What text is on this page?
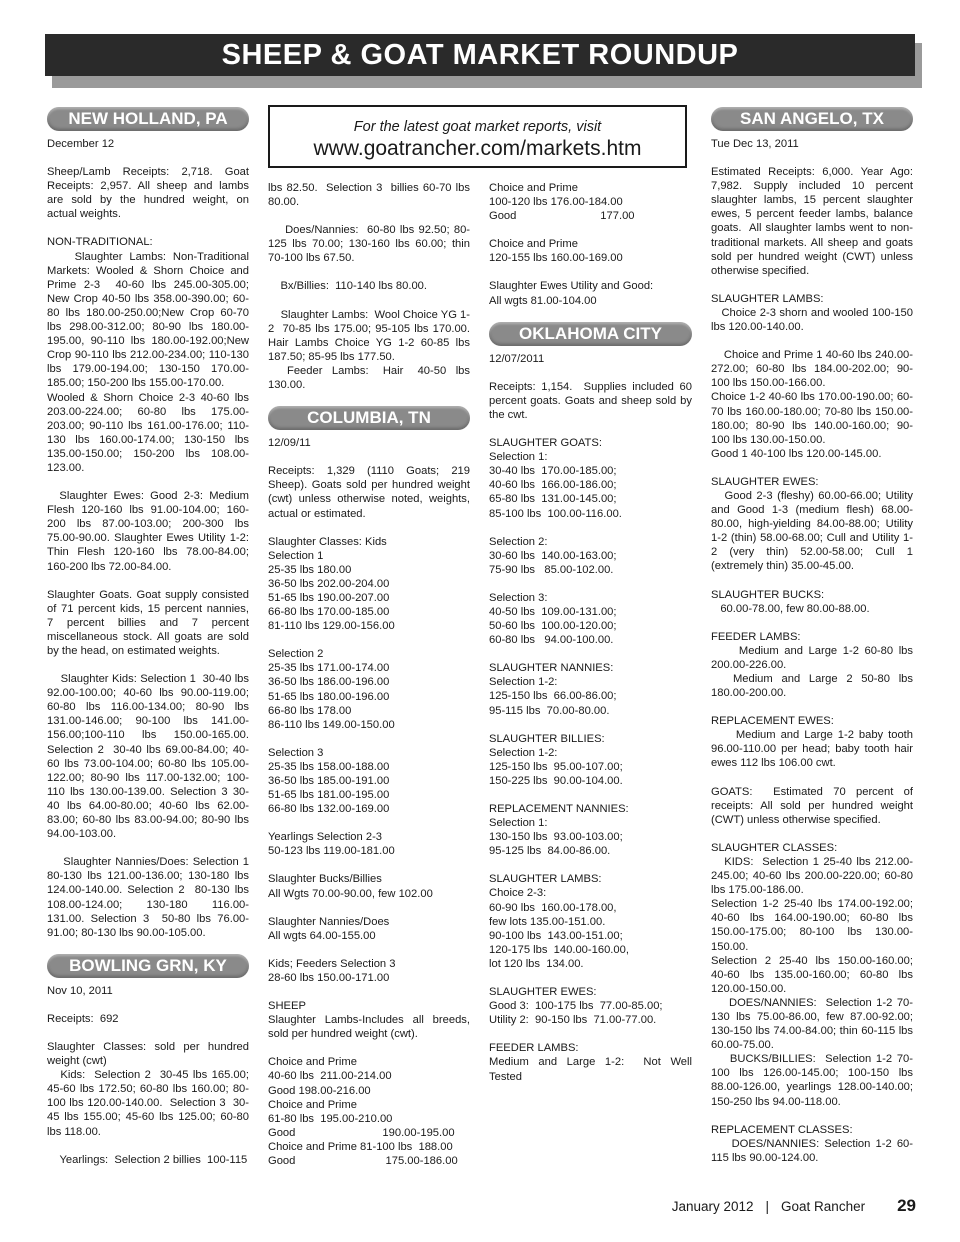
SHEEP & GOAT MARKET ROUNDUP
For the latest goat market reports, visit
www.goatrancher.com/markets.htm
NEW HOLLAND, PA

December 12

Sheep/Lamb Receipts: 2,718. Goat Receipts: 2,957. All sheep and lambs are sold by the hundred weight, on actual weights.

NON-TRADITIONAL:
Slaughter Lambs: Non-Traditional Markets: Wooled & Shorn Choice and Prime 2-3  40-60 lbs 245.00-305.00; New Crop 40-50 lbs 358.00-390.00; 60-80 lbs 180.00-250.00;New Crop 60-70 lbs 298.00-312.00; 80-90 lbs 180.00-195.00, 90-110 lbs 180.00-192.00;New Crop 90-110 lbs 212.00-234.00; 110-130 lbs 179.00-194.00; 130-150 170.00-185.00; 150-200 lbs 155.00-170.00.
Wooled & Shorn Choice 2-3 40-60 lbs 203.00-224.00; 60-80 lbs 175.00-203.00; 90-110 lbs 161.00-176.00; 110-130 lbs 160.00-174.00; 130-150 lbs 135.00-150.00; 150-200 lbs 108.00-123.00.

Slaughter Ewes: Good 2-3: Medium Flesh 120-160 lbs 91.00-104.00; 160-200 lbs 87.00-103.00; 200-300 lbs 75.00-90.00. Slaughter Ewes Utility 1-2: Thin Flesh 120-160 lbs 78.00-84.00; 160-200 lbs 72.00-84.00.

Slaughter Goats. Goat supply consisted of 71 percent kids, 15 percent nannies, 7 percent billies and 7 percent miscellaneous stock. All goats are sold by the head, on estimated weights.

Slaughter Kids: Selection 1  30-40 lbs 92.00-100.00; 40-60 lbs 90.00-119.00; 60-80 lbs 116.00-134.00; 80-90 lbs 131.00-146.00; 90-100 lbs 141.00-156.00;100-110 lbs 150.00-165.00. Selection 2  30-40 lbs 69.00-84.00; 40-60 lbs 73.00-104.00; 60-80 lbs 105.00-122.00; 80-90 lbs 117.00-132.00; 100-110 lbs 130.00-139.00. Selection 3 30-40 lbs 64.00-80.00; 40-60 lbs 62.00-83.00; 60-80 lbs 83.00-94.00; 80-90 lbs 94.00-103.00.

Slaughter Nannies/Does: Selection 1 80-130 lbs 121.00-136.00; 130-180 lbs 124.00-140.00. Selection 2  80-130 lbs 108.00-124.00;  130-180  116.00-131.00. Selection 3  50-80 lbs 76.00-91.00; 80-130 lbs 90.00-105.00.

BOWLING GRN, KY

Nov 10, 2011

Receipts:  692

Slaughter Classes: sold per hundred weight (cwt)
Kids:  Selection 2  30-45 lbs 165.00; 45-60 lbs 172.50; 60-80 lbs 160.00; 80-100 lbs 120.00-140.00.  Selection 3  30-45 lbs 155.00; 45-60 lbs 125.00; 60-80 lbs 118.00.

Yearlings:  Selection 2 billies  100-115

lbs 82.50.  Selection 3  billies 60-70 lbs 80.00.

Does/Nannies:  60-80 lbs 92.50; 80-125 lbs 70.00; 130-160 lbs 60.00; thin 70-100 lbs 67.50.

Bx/Billies:  110-140 lbs 80.00.

Slaughter Lambs:  Wool Choice YG 1-2  70-85 lbs 175.00; 95-105 lbs 170.00.  Hair Lambs Choice YG 1-2 60-85 lbs 187.50; 85-95 lbs 177.50.
Feeder  Lambs:   Hair   40-50  lbs 130.00.

COLUMBIA, TN

12/09/11

Receipts:  1,329  (1110  Goats;  219 Sheep). Goats sold per hundred weight (cwt) unless otherwise noted, weights, actual or estimated.

Slaughter Classes: Kids
Selection 1
25-35 lbs 180.00
36-50 lbs 202.00-204.00
51-65 lbs 190.00-207.00
66-80 lbs 170.00-185.00
81-110 lbs 129.00-156.00

Selection 2
25-35 lbs 171.00-174.00
36-50 lbs 186.00-196.00
51-65 lbs 180.00-196.00
66-80 lbs 178.00
86-110 lbs 149.00-150.00

Selection 3
25-35 lbs 158.00-188.00
36-50 lbs 185.00-191.00
51-65 lbs 181.00-195.00
66-80 lbs 132.00-169.00

Yearlings Selection 2-3
50-123 lbs 119.00-181.00

Slaughter Bucks/Billies
All Wgts 70.00-90.00, few 102.00

Slaughter Nannies/Does
All wgts 64.00-155.00

Kids; Feeders Selection 3
28-60 lbs 150.00-171.00

SHEEP
Slaughter Lambs-Includes all breeds, sold per hundred weight (cwt).

Choice and Prime
40-60 lbs  211.00-214.00
Good 198.00-216.00
Choice and Prime
61-80 lbs  195.00-210.00
Good                            190.00-195.00
Choice and Prime 81-100 lbs  188.00
Good                             175.00-186.00

Choice and Prime
100-120 lbs 176.00-184.00
Good                           177.00

Choice and Prime
120-155 lbs 160.00-169.00

Slaughter Ewes Utility and Good:
All wgts 81.00-104.00

OKLAHOMA CITY

12/07/2011

Receipts: 1,154.  Supplies included 60 percent goats. Goats and sheep sold by the cwt.

SLAUGHTER GOATS:
Selection 1:
30-40 lbs  170.00-185.00;
40-60 lbs  166.00-186.00;
65-80 lbs  131.00-145.00;
85-100 lbs  100.00-116.00.

Selection 2:
30-60 lbs  140.00-163.00;
75-90 lbs   85.00-102.00.

Selection 3:
40-50 lbs  109.00-131.00;
50-60 lbs  100.00-120.00;
60-80 lbs   94.00-100.00.

SLAUGHTER NANNIES:
Selection 1-2:
125-150 lbs  66.00-86.00;
95-115 lbs  70.00-80.00.

SLAUGHTER BILLIES:
Selection 1-2:
125-150 lbs  95.00-107.00;
150-225 lbs  90.00-104.00.

REPLACEMENT NANNIES:
Selection 1:
130-150 lbs  93.00-103.00;
95-125 lbs  84.00-86.00.

SLAUGHTER LAMBS:
Choice 2-3:
60-90 lbs  160.00-178.00,
few lots 135.00-151.00.
90-100 lbs  143.00-151.00;
120-175 lbs  140.00-160.00,
lot 120 lbs  134.00.

SLAUGHTER EWES:
Good 3:  100-175 lbs  77.00-85.00;
Utility 2:  90-150 lbs  71.00-77.00.

FEEDER LAMBS:
Medium  and  Large  1-2:    Not  Well Tested

SAN ANGELO, TX

Tue Dec 13, 2011

Estimated Receipts: 6,000. Year Ago: 7,982. Supply included 10 percent slaughter lambs, 15 percent slaughter ewes, 5 percent feeder lambs, balance goats.  All slaughter lambs went to non-traditional markets. All sheep and goats sold per hundred weight (CWT) unless otherwise specified.

SLAUGHTER LAMBS:
Choice 2-3 shorn and wooled 100-150 lbs 120.00-140.00.

Choice and Prime 1 40-60 lbs 240.00-272.00; 60-80 lbs 184.00-202.00; 90-100 lbs 150.00-166.00.
Choice 1-2 40-60 lbs 170.00-190.00; 60-70 lbs 160.00-180.00; 70-80 lbs 150.00-180.00; 80-90 lbs 140.00-160.00; 90-100 lbs 130.00-150.00.
Good 1 40-100 lbs 120.00-145.00.

SLAUGHTER EWES:
Good 2-3 (fleshy) 60.00-66.00; Utility and Good 1-3 (medium flesh) 68.00-80.00, high-yielding 84.00-88.00; Utility 1-2 (thin) 58.00-68.00; Cull and Utility 1-2 (very thin) 52.00-58.00; Cull 1 (extremely thin) 35.00-45.00.

SLAUGHTER BUCKS:
60.00-78.00, few 80.00-88.00.

FEEDER LAMBS:
Medium and Large 1-2 60-80 lbs 200.00-226.00.
Medium  and  Large  2  50-80  lbs 180.00-200.00.

REPLACEMENT EWES:
Medium and Large 1-2 baby tooth 96.00-110.00 per head; baby tooth hair ewes 112 lbs 106.00 cwt.

GOATS:  Estimated 70 percent of receipts: All sold per hundred weight (CWT) unless otherwise specified.

SLAUGHTER CLASSES:
KIDS:  Selection 1 25-40 lbs 212.00-245.00; 40-60 lbs 200.00-220.00; 60-80 lbs 175.00-186.00.
Selection 1-2 25-40 lbs 174.00-192.00; 40-60 lbs 164.00-190.00; 60-80 lbs 150.00-175.00; 80-100 lbs 130.00-150.00.
Selection 2 25-40 lbs 150.00-160.00; 40-60 lbs 135.00-160.00; 60-80 lbs 120.00-150.00.
DOES/NANNIES:  Selection 1-2 70-130 lbs 75.00-86.00, few 87.00-92.00; 130-150 lbs 74.00-84.00; thin 60-115 lbs 60.00-75.00.
BUCKS/BILLIES:  Selection 1-2 70-100 lbs 126.00-145.00; 100-150 lbs 88.00-126.00, yearlings 128.00-140.00; 150-250 lbs 94.00-118.00.

REPLACEMENT CLASSES:
DOES/NANNIES: Selection 1-2 60-115 lbs 90.00-124.00.

January 2012 | Goat Rancher 29
